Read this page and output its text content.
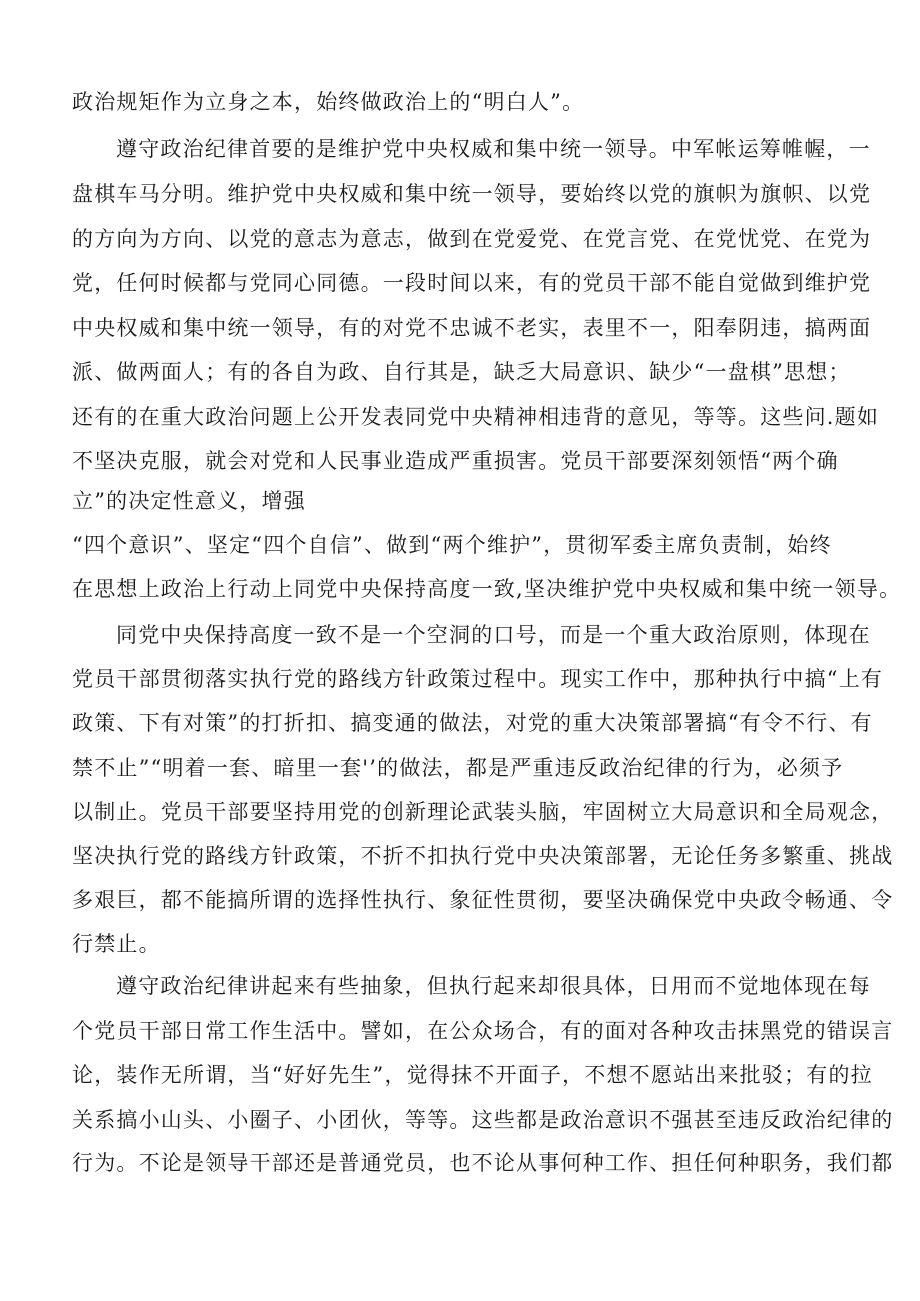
政治规矩作为立身之本，始终做政治上的“明白人”。
遵守政治纪律首要的是维护党中央权威和集中统一领导。中军帐运筹帷幄，一
盘棋车马分明。维护党中央权威和集中统一领导，要始终以党的旗帜为旗帜、以党
的方向为方向、以党的意志为意志，做到在党爱党、在党言党、在党忧党、在党为
党，任何时候都与党同心同德。一段时间以来，有的党员干部不能自觉做到维护党
中央权威和集中统一领导，有的对党不忠诚不老实，表里不一，阳奉阴违，搞两面
派、做两面人；有的各自为政、自行其是，缺乏大局意识、缺少“一盘棋”思想；
还有的在重大政治问题上公开发表同党中央精神相违背的意见，等等。这些问.题如
不坚决克服，就会对党和人民事业造成严重损害。党员干部要深刻领悟“两个确
立”的决定性意义，增强
“四个意识”、坚定“四个自信”、做到“两个维护”，贯彻军委主席负责制，始终
在思想上政治上行动上同党中央保持高度一致,坚决维护党中央权威和集中统一领导。
同党中央保持高度一致不是一个空洞的口号，而是一个重大政治原则，体现在
党员干部贯彻落实执行党的路线方针政策过程中。现实工作中，那种执行中搞“上有
政策、下有对策”的打折扣、搞变通的做法，对党的重大决策部署搞“有令不行、有
禁不止”“明着一套、暗里一套'’的做法，都是严重违反政治纪律的行为，必须予
以制止。党员干部要坚持用党的创新理论武装头脑，牢固树立大局意识和全局观念，
坚决执行党的路线方针政策，不折不扣执行党中央决策部署，无论任务多繁重、挑战
多艰巨，都不能搞所谓的选择性执行、象征性贯彻，要坚决确保党中央政令畅通、令
行禁止。
遵守政治纪律讲起来有些抽象，但执行起来却很具体，日用而不觉地体现在每
个党员干部日常工作生活中。譬如，在公众场合，有的面对各种攻击抹黑党的错误言
论，装作无所谓，当“好好先生”，觉得抹不开面子，不想不愿站出来批驳；有的拉
关系搞小山头、小圈子、小团伙，等等。这些都是政治意识不强甚至违反政治纪律的
行为。不论是领导干部还是普通党员，也不论从事何种工作、担任何种职务，我们都
